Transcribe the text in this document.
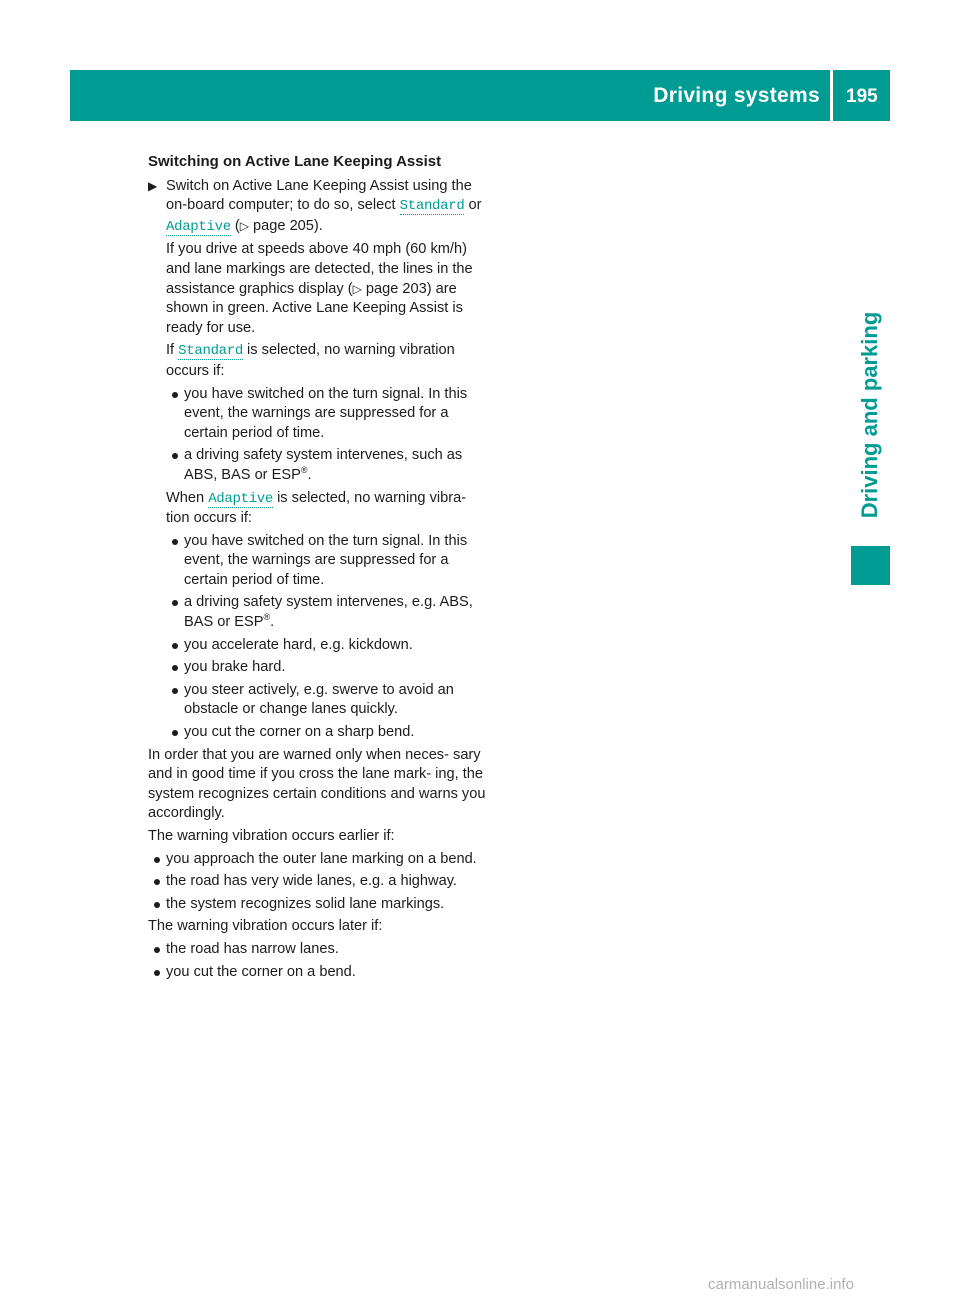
Driving systems 195
Driving and parking
Switching on Active Lane Keeping Assist
▶ Switch on Active Lane Keeping Assist using the on-board computer; to do so, select Standard or Adaptive (▷ page 205).
If you drive at speeds above 40 mph (60 km/h) and lane markings are detected, the lines in the assistance graphics display (▷ page 203) are shown in green. Active Lane Keeping Assist is ready for use.
If Standard is selected, no warning vibration occurs if:
you have switched on the turn signal. In this event, the warnings are suppressed for a certain period of time.
a driving safety system intervenes, such as ABS, BAS or ESP®.
When Adaptive is selected, no warning vibra- tion occurs if:
you have switched on the turn signal. In this event, the warnings are suppressed for a certain period of time.
a driving safety system intervenes, e.g. ABS, BAS or ESP®.
you accelerate hard, e.g. kickdown.
you brake hard.
you steer actively, e.g. swerve to avoid an obstacle or change lanes quickly.
you cut the corner on a sharp bend.
In order that you are warned only when neces- sary and in good time if you cross the lane mark- ing, the system recognizes certain conditions and warns you accordingly.
The warning vibration occurs earlier if:
you approach the outer lane marking on a bend.
the road has very wide lanes, e.g. a highway.
the system recognizes solid lane markings.
The warning vibration occurs later if:
the road has narrow lanes.
you cut the corner on a bend.
carmanualsonline.info
